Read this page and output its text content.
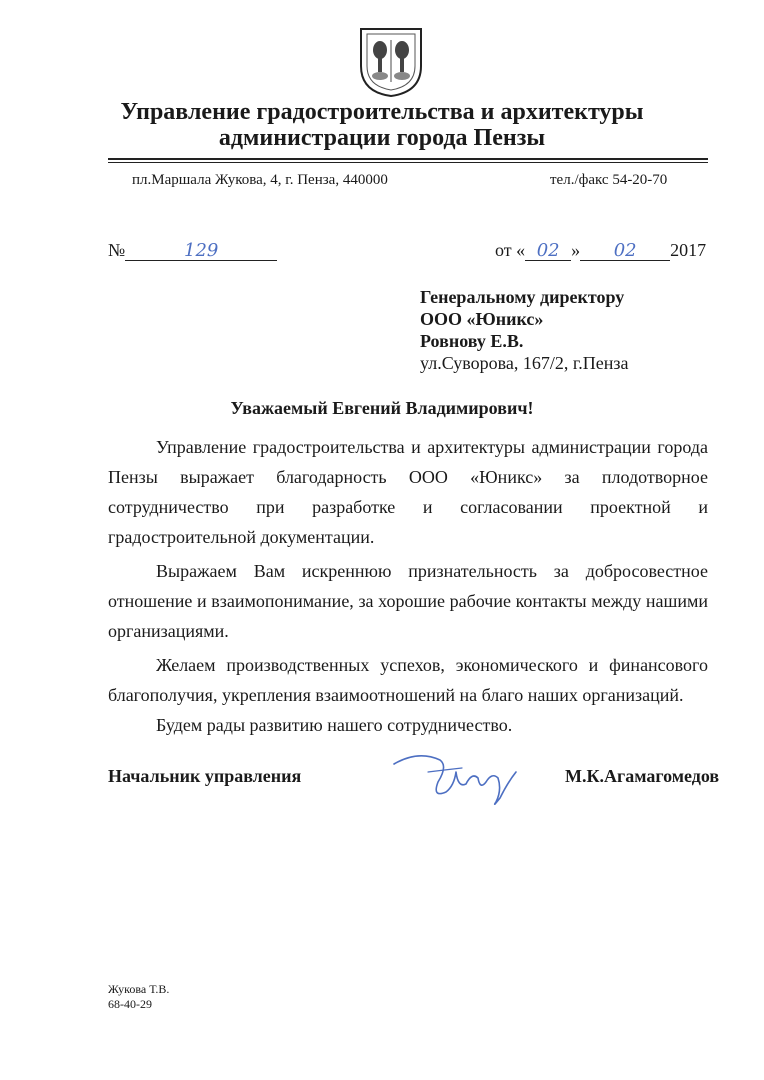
Управление градостроительства и архитектуры
администрации города Пензы
пл.Маршала Жукова, 4, г. Пенза, 440000	тел./факс 54-20-70
№	129	от « 02 » 02 2017
Генеральному директору
ООО «Юникс»
Ровнову Е.В.
ул.Суворова, 167/2, г.Пенза
Уважаемый Евгений Владимирович!
Управление градостроительства и архитектуры администрации города Пензы выражает благодарность ООО «Юникс» за плодотворное сотрудничество при разработке и согласовании проектной и градостроительной документации.
Выражаем Вам искреннюю признательность за добросовестное отношение и взаимопонимание, за хорошие рабочие контакты между нашими организациями.
Желаем производственных успехов, экономического и финансового благополучия, укрепления взаимоотношений на благо наших организаций.
Будем рады развитию нашего сотрудничество.
Начальник управления	М.К.Агамагомедов
Жукова Т.В.
68-40-29
